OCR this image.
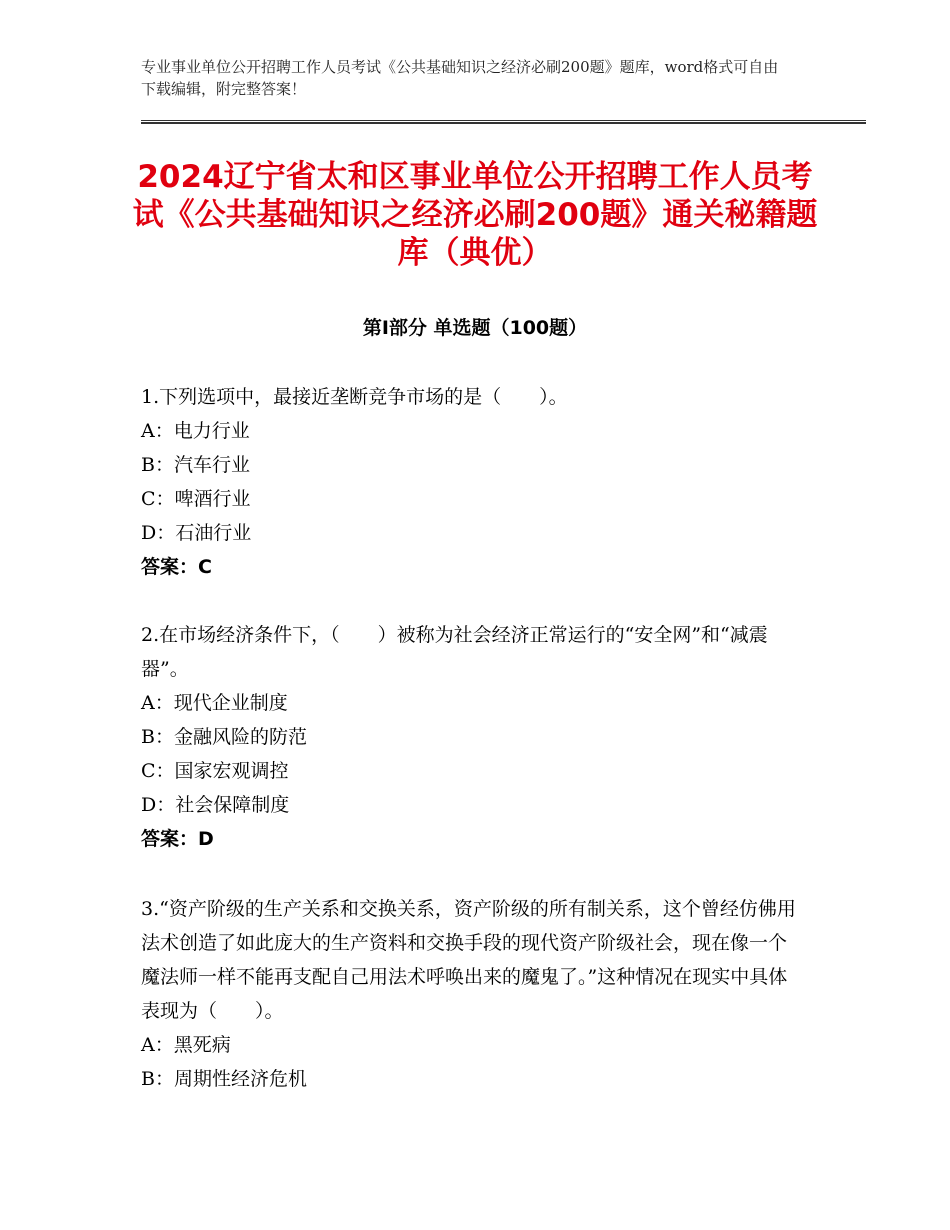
专业事业单位公开招聘工作人员考试《公共基础知识之经济必刷200题》题库，word格式可自由下载编辑，附完整答案！
2024辽宁省太和区事业单位公开招聘工作人员考试《公共基础知识之经济必刷200题》通关秘籍题库（典优）
第Ⅰ部分 单选题（100题）
1.下列选项中，最接近垄断竞争市场的是（　　）。
A：电力行业
B：汽车行业
C：啤酒行业
D：石油行业
答案：C
2.在市场经济条件下，（　　）被称为社会经济正常运行的“安全网”和“减震器”。
A：现代企业制度
B：金融风险的防范
C：国家宏观调控
D：社会保障制度
答案：D
3.“资产阶级的生产关系和交换关系，资产阶级的所有制关系，这个曾经仿佛用法术创造了如此庞大的生产资料和交换手段的现代资产阶级社会，现在像一个魔法师一样不能再支配自己用法术呼唤出来的魔鬼了。”这种情况在现实中具体表现为（　　）。
A：黑死病
B：周期性经济危机
